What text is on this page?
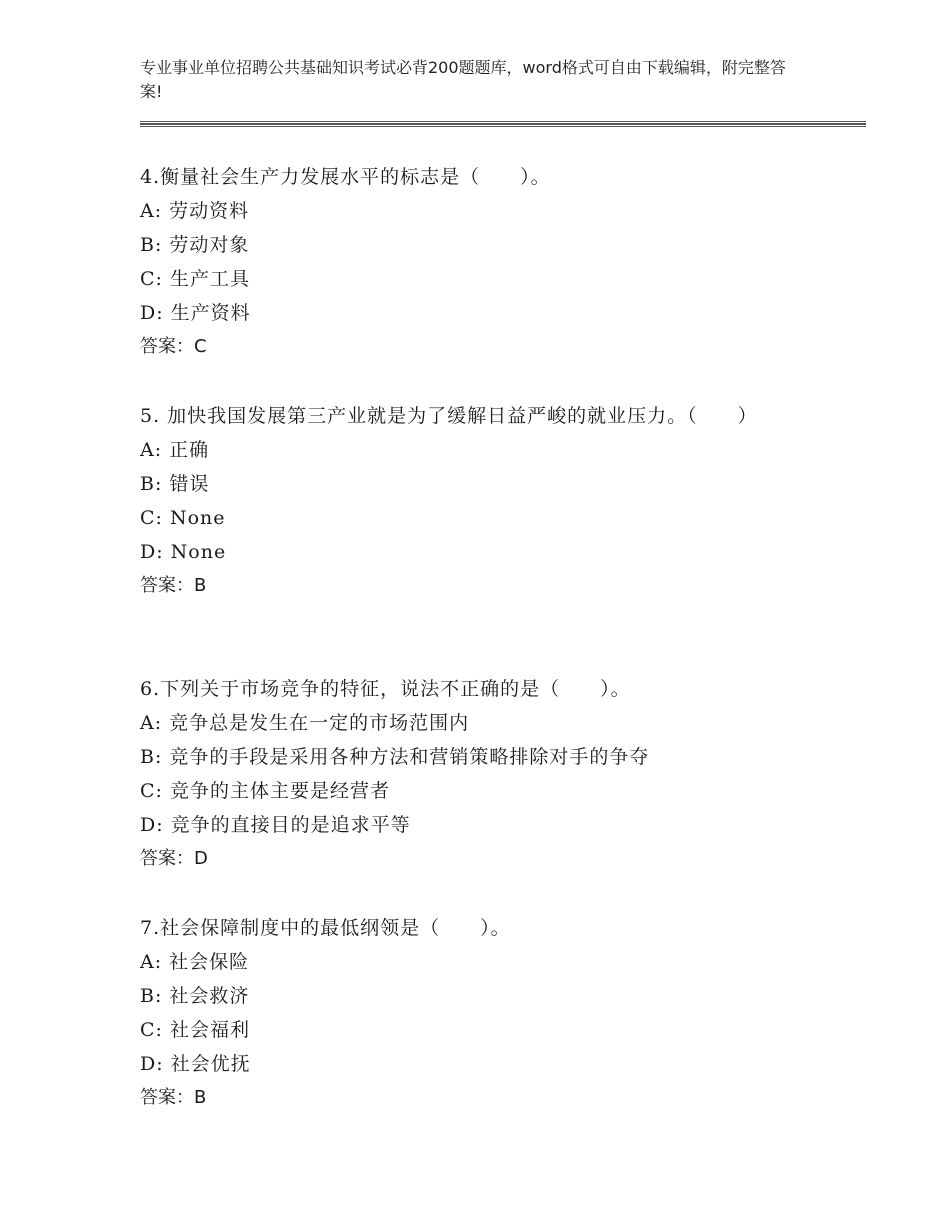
专业事业单位招聘公共基础知识考试必背200题题库，word格式可自由下载编辑，附完整答案!
4.衡量社会生产力发展水平的标志是（　　）。
A: 劳动资料
B: 劳动对象
C: 生产工具
D: 生产资料
答案：C
5. 加快我国发展第三产业就是为了缓解日益严峻的就业压力。（　　）
A: 正确
B: 错误
C: None
D: None
答案：B
6.下列关于市场竞争的特征，说法不正确的是（　　）。
A: 竞争总是发生在一定的市场范围内
B: 竞争的手段是采用各种方法和营销策略排除对手的争夺
C: 竞争的主体主要是经营者
D: 竞争的直接目的是追求平等
答案：D
7.社会保障制度中的最低纲领是（　　）。
A: 社会保险
B: 社会救济
C: 社会福利
D: 社会优抚
答案：B
